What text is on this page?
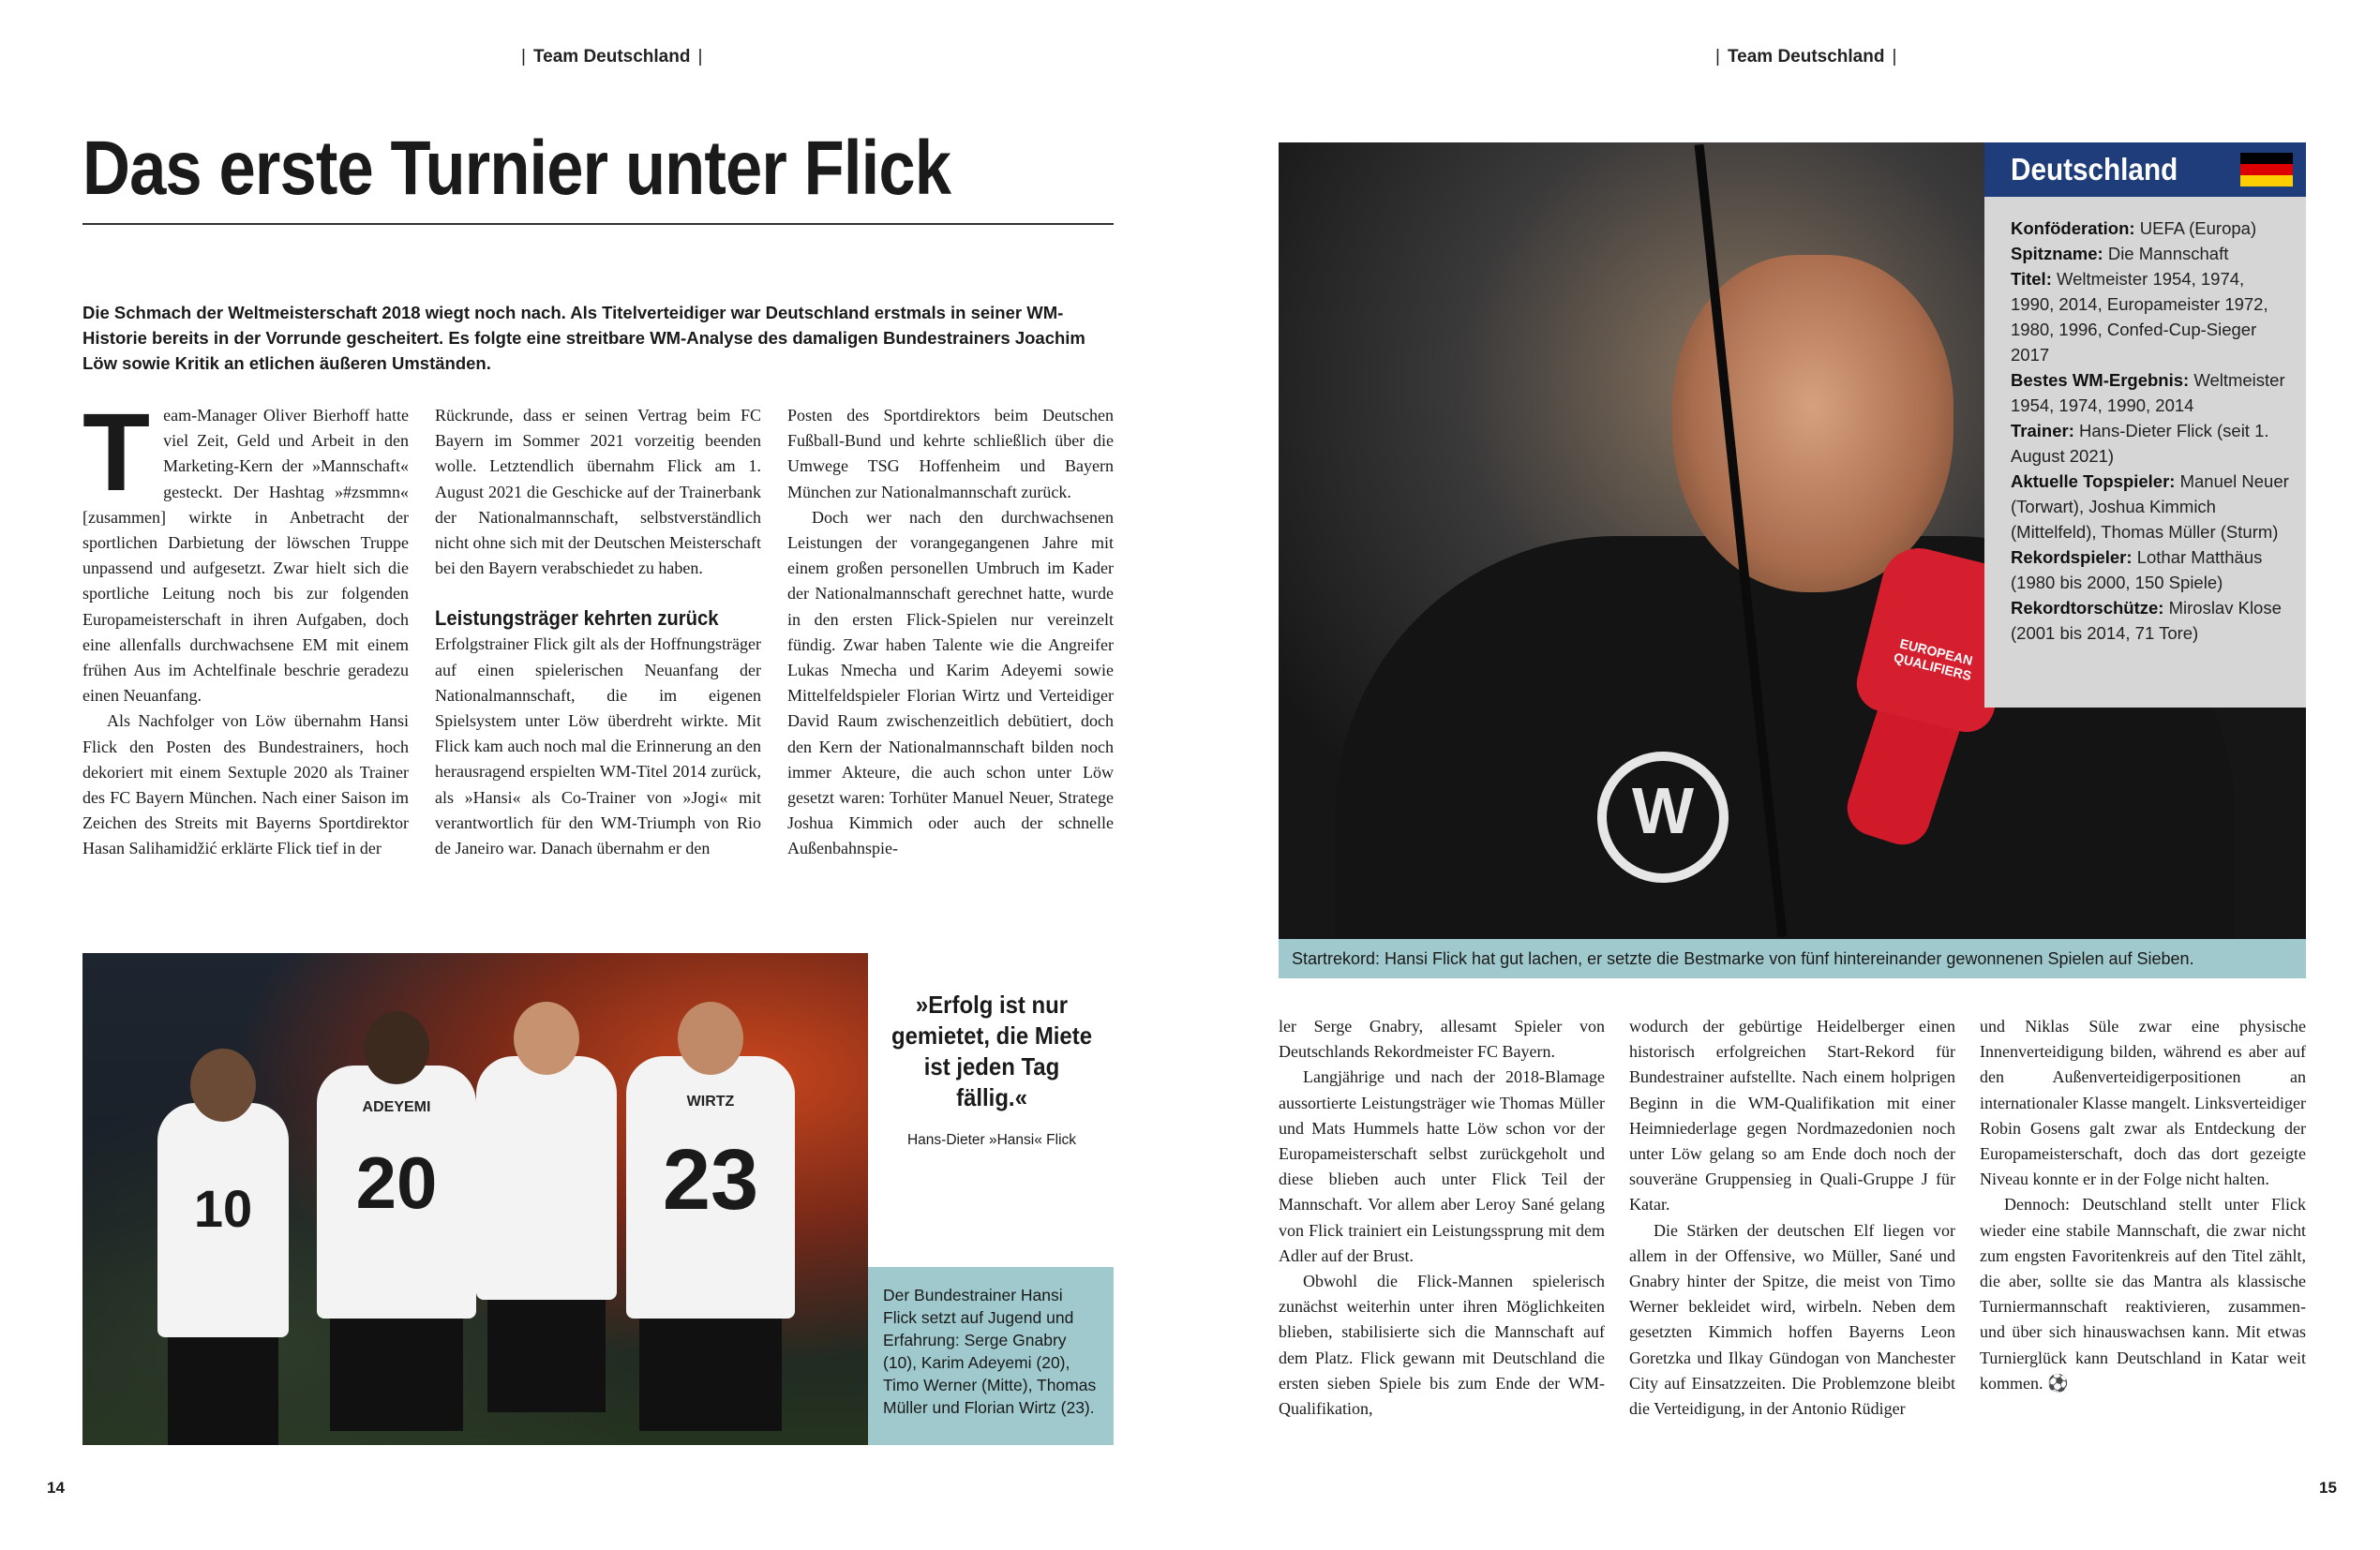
| Team Deutschland |	| Team Deutschland |
Das erste Turnier unter Flick

Die Schmach der Weltmeisterschaft 2018 wiegt noch nach. Als Titelverteidiger war Deutschland erstmals in seiner WM-Historie bereits in der Vorrunde gescheitert. Es folgte eine streitbare WM-Analyse des damaligen Bundestrainers Joachim Löw sowie Kritik an etlichen äußeren Umständen.

T eam-Manager Oliver Bierhoff hatte viel Zeit, Geld und Arbeit in den Marketing-Kern der »Mannschaft« gesteckt. Der Hashtag »#zsmmn« [zusammen] wirkte in Anbetracht der sportlichen Darbietung der löwschen Truppe unpassend und aufgesetzt. Zwar hielt sich die sportliche Leitung noch bis zur folgenden Europameisterschaft in ihren Aufgaben, doch eine allenfalls durchwachsene EM mit einem frühen Aus im Achtelfinale beschrie geradezu einen Neuanfang.

Als Nachfolger von Löw übernahm Hansi Flick den Posten des Bundestrainers, hoch dekoriert mit einem Sextuple 2020 als Trainer des FC Bayern München. Nach einer Saison im Zeichen des Streits mit Bayerns Sportdirektor Hasan Salihamidžić erklärte Flick tief in der

Rückrunde, dass er seinen Vertrag beim FC Bayern im Sommer 2021 vorzeitig beenden wolle. Letztendlich übernahm Flick am 1. August 2021 die Geschicke auf der Trainerbank der Nationalmannschaft, selbstverständlich nicht ohne sich mit der Deutschen Meisterschaft bei den Bayern verabschiedet zu haben.

Leistungsträger kehrten zurück

Erfolgstrainer Flick gilt als der Hoffnungsträger auf einen spielerischen Neuanfang der Nationalmannschaft, die im eigenen Spielsystem unter Löw überdreht wirkte. Mit Flick kam auch noch mal die Erinnerung an den herausragend erspielten WM-Titel 2014 zurück, als »Hansi« als Co-Trainer von »Jogi« mit verantwortlich für den WM-Triumph von Rio de Janeiro war. Danach übernahm er den

Posten des Sportdirektors beim Deutschen Fußball-Bund und kehrte schließlich über die Umwege TSG Hoffenheim und Bayern München zur Nationalmannschaft zurück.

Doch wer nach den durchwachsenen Leistungen der vorangegangenen Jahre mit einem großen personellen Umbruch im Kader der Nationalmannschaft gerechnet hatte, wurde in den ersten Flick-Spielen nur vereinzelt fündig. Zwar haben Talente wie die Angreifer Lukas Nmecha und Karim Adeyemi sowie Mittelfeldspieler Florian Wirtz und Verteidiger David Raum zwischenzeitlich debütiert, doch den Kern der Nationalmannschaft bilden noch immer Akteure, die auch schon unter Löw gesetzt waren: Torhüter Manuel Neuer, Stratege Joshua Kimmich oder auch der schnelle Außenbahnspie-

10
ADEYEMI
20
WIRTZ
23
Der Bundestrainer Hansi Flick setzt auf Jugend und Erfahrung: Serge Gnabry (10), Karim Adeyemi (20), Timo Werner (Mitte), Thomas Müller und Florian Wirtz (23).
»Erfolg ist nur gemietet, die Miete ist jeden Tag fällig.«
Hans-Dieter »Hansi« Flick
W
EUROPEAN QUALIFIERS
Startrekord: Hansi Flick hat gut lachen, er setzte die Bestmarke von fünf hintereinander gewonnenen Spielen auf Sieben.
Deutschland
Konföderation: UEFA (Europa)
Spitzname: Die Mannschaft
Titel: Weltmeister 1954, 1974, 1990, 2014, Europameister 1972, 1980, 1996, Confed-Cup-Sieger 2017
Bestes WM-Ergebnis: Weltmeister 1954, 1974, 1990, 2014
Trainer: Hans-Dieter Flick (seit 1. August 2021)
Aktuelle Topspieler: Manuel Neuer (Torwart), Joshua Kimmich (Mittelfeld), Thomas Müller (Sturm)
Rekordspieler: Lothar Matthäus (1980 bis 2000, 150 Spiele)
Rekordtorschütze: Miroslav Klose (2001 bis 2014, 71 Tore)

ler Serge Gnabry, allesamt Spieler von Deutschlands Rekordmeister FC Bayern.

Langjährige und nach der 2018-Blamage aussortierte Leistungsträger wie Thomas Müller und Mats Hummels hatte Löw schon vor der Europameisterschaft selbst zurückgeholt und diese blieben auch unter Flick Teil der Mannschaft. Vor allem aber Leroy Sané gelang von Flick trainiert ein Leistungssprung mit dem Adler auf der Brust.

Obwohl die Flick-Mannen spielerisch zunächst weiterhin unter ihren Möglichkeiten blieben, stabilisierte sich die Mannschaft auf dem Platz. Flick gewann mit Deutschland die ersten sieben Spiele bis zum Ende der WM-Qualifikation,

wodurch der gebürtige Heidelberger einen historisch erfolgreichen Start-Rekord für Bundestrainer aufstellte. Nach einem holprigen Beginn in die WM-Qualifikation mit einer Heimniederlage gegen Nordmazedonien noch unter Löw gelang so am Ende doch noch der souveräne Gruppensieg in Quali-Gruppe J für Katar.

Die Stärken der deutschen Elf liegen vor allem in der Offensive, wo Müller, Sané und Gnabry hinter der Spitze, die meist von Timo Werner bekleidet wird, wirbeln. Neben dem gesetzten Kimmich hoffen Bayerns Leon Goretzka und Ilkay Gündogan von Manchester City auf Einsatzzeiten. Die Problemzone bleibt die Verteidigung, in der Antonio Rüdiger

und Niklas Süle zwar eine physische Innenverteidigung bilden, während es aber auf den Außenverteidigerpositionen an internationaler Klasse mangelt. Linksverteidiger Robin Gosens galt zwar als Entdeckung der Europameisterschaft, doch das dort gezeigte Niveau konnte er in der Folge nicht halten.

Dennoch: Deutschland stellt unter Flick wieder eine stabile Mannschaft, die zwar nicht zum engsten Favoritenkreis auf den Titel zählt, die aber, sollte sie das Mantra als klassische Turniermannschaft reaktivieren, zusammen- und über sich hinauswachsen kann. Mit etwas Turnierglück kann Deutschland in Katar weit kommen. ⚽

14	15
